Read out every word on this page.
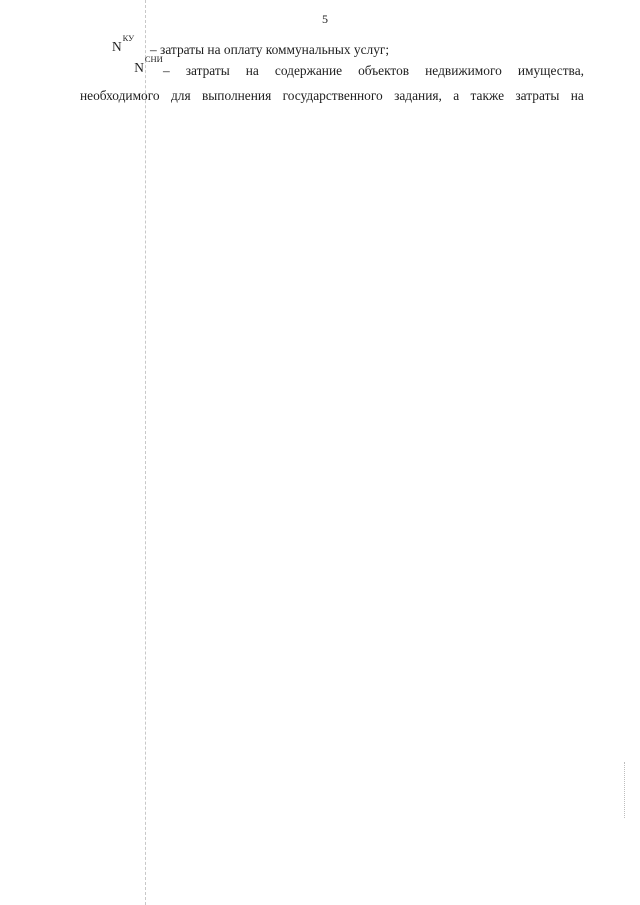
5
$_{N^{КУ}}$
– затраты на оплату коммунальных услуг;
$_{N^{СНИ}}$
– затраты на содержание объектов недвижимого имущества,
необходимого для выполнения государственного задания, а также затраты на
